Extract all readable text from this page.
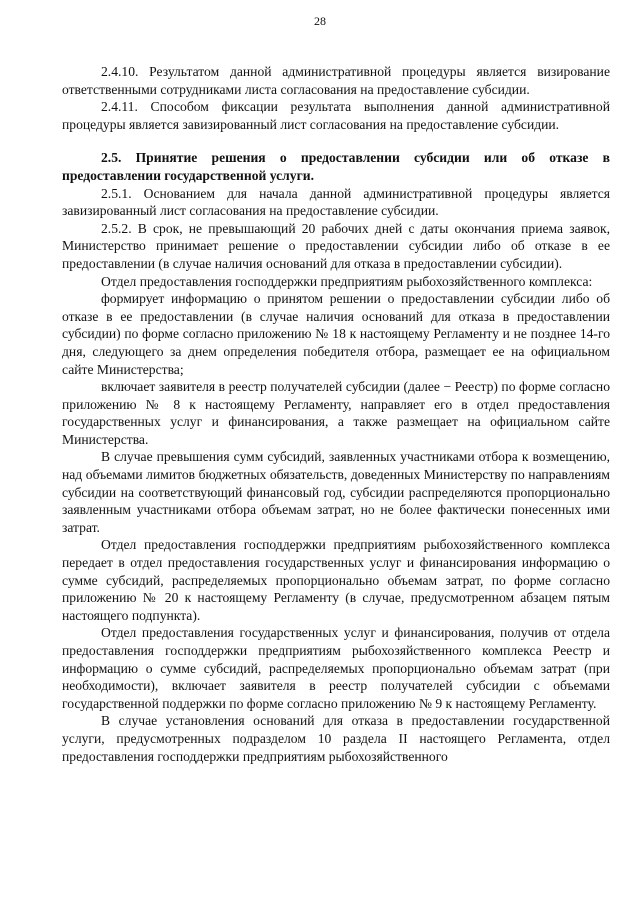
28

2.4.10. Результатом данной административной процедуры является визирование ответственными сотрудниками листа согласования на предоставление субсидии.

2.4.11. Способом фиксации результата выполнения данной административной процедуры является завизированный лист согласования на предоставление субсидии.

2.5. Принятие решения о предоставлении субсидии или об отказе в предоставлении государственной услуги.

2.5.1. Основанием для начала данной административной процедуры является завизированный лист согласования на предоставление субсидии.

2.5.2. В срок, не превышающий 20 рабочих дней с даты окончания приема заявок, Министерство принимает решение о предоставлении субсидии либо об отказе в ее предоставлении (в случае наличия оснований для отказа в предоставлении субсидии).

Отдел предоставления господдержки предприятиям рыбохозяйственного комплекса:

формирует информацию о принятом решении о предоставлении субсидии либо об отказе в ее предоставлении (в случае наличия оснований для отказа в предоставлении субсидии) по форме согласно приложению № 18 к настоящему Регламенту и не позднее 14-го дня, следующего за днем определения победителя отбора, размещает ее на официальном сайте Министерства;

включает заявителя в реестр получателей субсидии (далее − Реестр) по форме согласно приложению № 8 к настоящему Регламенту, направляет его в отдел предоставления государственных услуг и финансирования, а также размещает на официальном сайте Министерства.

В случае превышения сумм субсидий, заявленных участниками отбора к возмещению, над объемами лимитов бюджетных обязательств, доведенных Министерству по направлениям субсидии на соответствующий финансовый год, субсидии распределяются пропорционально заявленным участниками отбора объемам затрат, но не более фактически понесенных ими затрат.

Отдел предоставления господдержки предприятиям рыбохозяйственного комплекса передает в отдел предоставления государственных услуг и финансирования информацию о сумме субсидий, распределяемых пропорционально объемам затрат, по форме согласно приложению № 20 к настоящему Регламенту (в случае, предусмотренном абзацем пятым настоящего подпункта).

Отдел предоставления государственных услуг и финансирования, получив от отдела предоставления господдержки предприятиям рыбохозяйственного комплекса Реестр и информацию о сумме субсидий, распределяемых пропорционально объемам затрат (при необходимости), включает заявителя в реестр получателей субсидии с объемами государственной поддержки по форме согласно приложению № 9 к настоящему Регламенту.

В случае установления оснований для отказа в предоставлении государственной услуги, предусмотренных подразделом 10 раздела II настоящего Регламента, отдел предоставления господдержки предприятиям рыбохозяйственного
